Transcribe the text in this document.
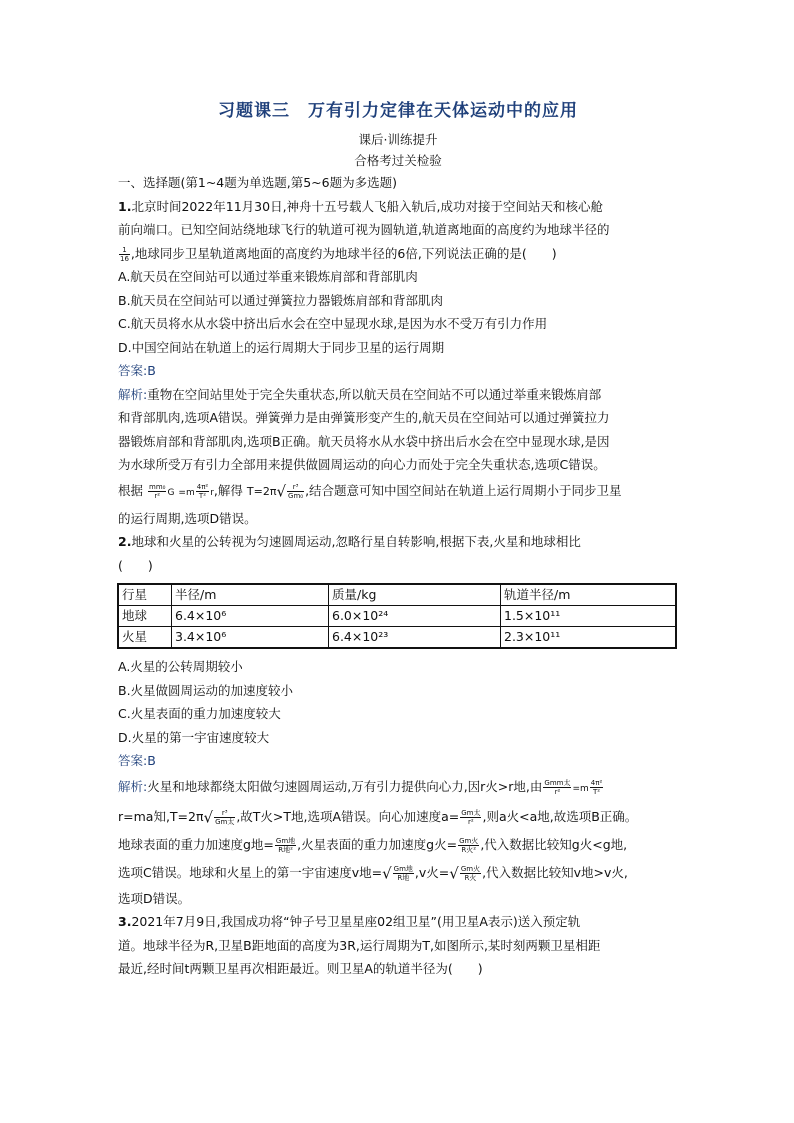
习题课三　万有引力定律在天体运动中的应用
课后·训练提升
合格考过关检验
一、选择题(第1~4题为单选题,第5~6题为多选题)
1.北京时间2022年11月30日,神舟十五号载人飞船入轨后,成功对接于空间站天和核心舱
前向端口。已知空间站绕地球飞行的轨道可视为圆轨道,轨道离地面的高度约为地球半径的
$\frac{1}{16}$ ,地球同步卫星轨道离地面的高度约为地球半径的6倍,下列说法正确的是(　　)
A.航天员在空间站可以通过举重来锻炼肩部和背部肌肉
B.航天员在空间站可以通过弹簧拉力器锻炼肩部和背部肌肉
C.航天员将水从水袋中挤出后水会在空中显现水球,是因为水不受万有引力作用
D.中国空间站在轨道上的运行周期大于同步卫星的运行周期
答案:B
解析:重物在空间站里处于完全失重状态,所以航天员在空间站不可以通过举重来锻炼肩部
和背部肌肉,选项A错误。弹簧弹力是由弹簧形变产生的,航天员在空间站可以通过弹簧拉力
器锻炼肩部和背部肌肉,选项B正确。航天员将水从水袋中挤出后水会在空中显现水球,是因
为水球所受万有引力全部用来提供做圆周运动的向心力而处于完全失重状态,选项C错误。
根据 $\frac{\text{mm₀}}{\text{r²}}$ $G =m \frac{\text{4π²}}{\text{T²}} r$,解得 $T=2\pi√ \frac{\text{r³}}{\text{Gm₀}}$ ,结合题意可知中国空间站在轨道上运行周期小于同步卫星
的运行周期,选项D错误。
2.地球和火星的公转视为匀速圆周运动,忽略行星自转影响,根据下表,火星和地球相比
(　　)
行星	半径/m	质量/kg	轨道半径/m
地球	6.4×10⁶	6.0×10²⁴	1.5×10¹¹
火星	3.4×10⁶	6.4×10²³	2.3×10¹¹
A.火星的公转周期较小
B.火星做圆周运动的加速度较小
C.火星表面的重力加速度较大
D.火星的第一宇宙速度较大
答案:B
解析:火星和地球都绕太阳做匀速圆周运动,万有引力提供向心力,因r火>r地,由 $\frac{\text{Gmm太}}{\text{r²}} =m \frac{\text{4π²}}{\text{T²}}$
r=ma知$,T=2\pi√ \frac{\text{r³}}{\text{Gm太}}$ ,故T火>T地,选项A错误。向心加速度$a= \frac{\text{Gm太}}{\text{r²}}$ ,则a火<a地,故选项B正确。
地球表面的重力加速度g地= $\frac{\text{Gm地}}{\text{R地²}}$ ,火星表面的重力加速度g火= $\frac{\text{Gm火}}{\text{R火²}}$ ,代入数据比较知g火<g地,
选项C错误。地球和火星上的第一宇宙速度v地=√ $\frac{\text{Gm地}}{\text{R地}} ,v$火=√ $\frac{\text{Gm火}}{\text{R火}}$ ,代入数据比较知v地>v火,
选项D错误。
3.2021年7月9日,我国成功将“钟子号卫星星座02组卫星”(用卫星A表示)送入预定轨
道。地球半径为R,卫星B距地面的高度为3R,运行周期为T,如图所示,某时刻两颗卫星相距
最近,经时间t两颗卫星再次相距最近。则卫星A的轨道半径为(　　)
